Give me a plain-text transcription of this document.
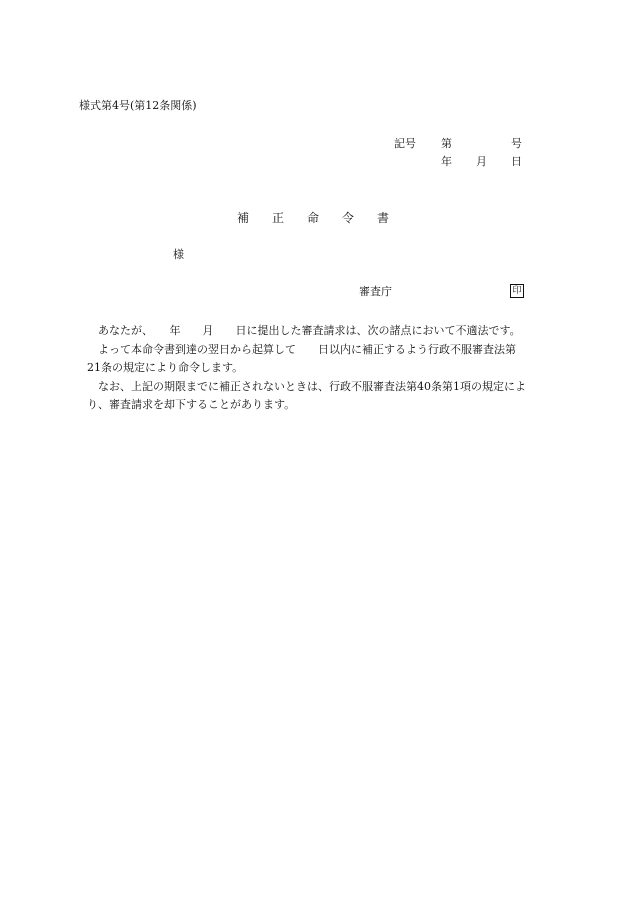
様式第4号(第12条関係)
記号 第	号
年 月 日
補 正 命 令 書
様
審査庁	印

　あなたが、　　年　　月　　日に提出した審査請求は、次の諸点において不適法です。

　よって本命令書到達の翌日から起算して　　日以内に補正するよう行政不服審査法第
21条の規定により命令します。

　なお、上記の期限までに補正されないときは、行政不服審査法第40条第1項の規定によ
り、審査請求を却下することがあります。
